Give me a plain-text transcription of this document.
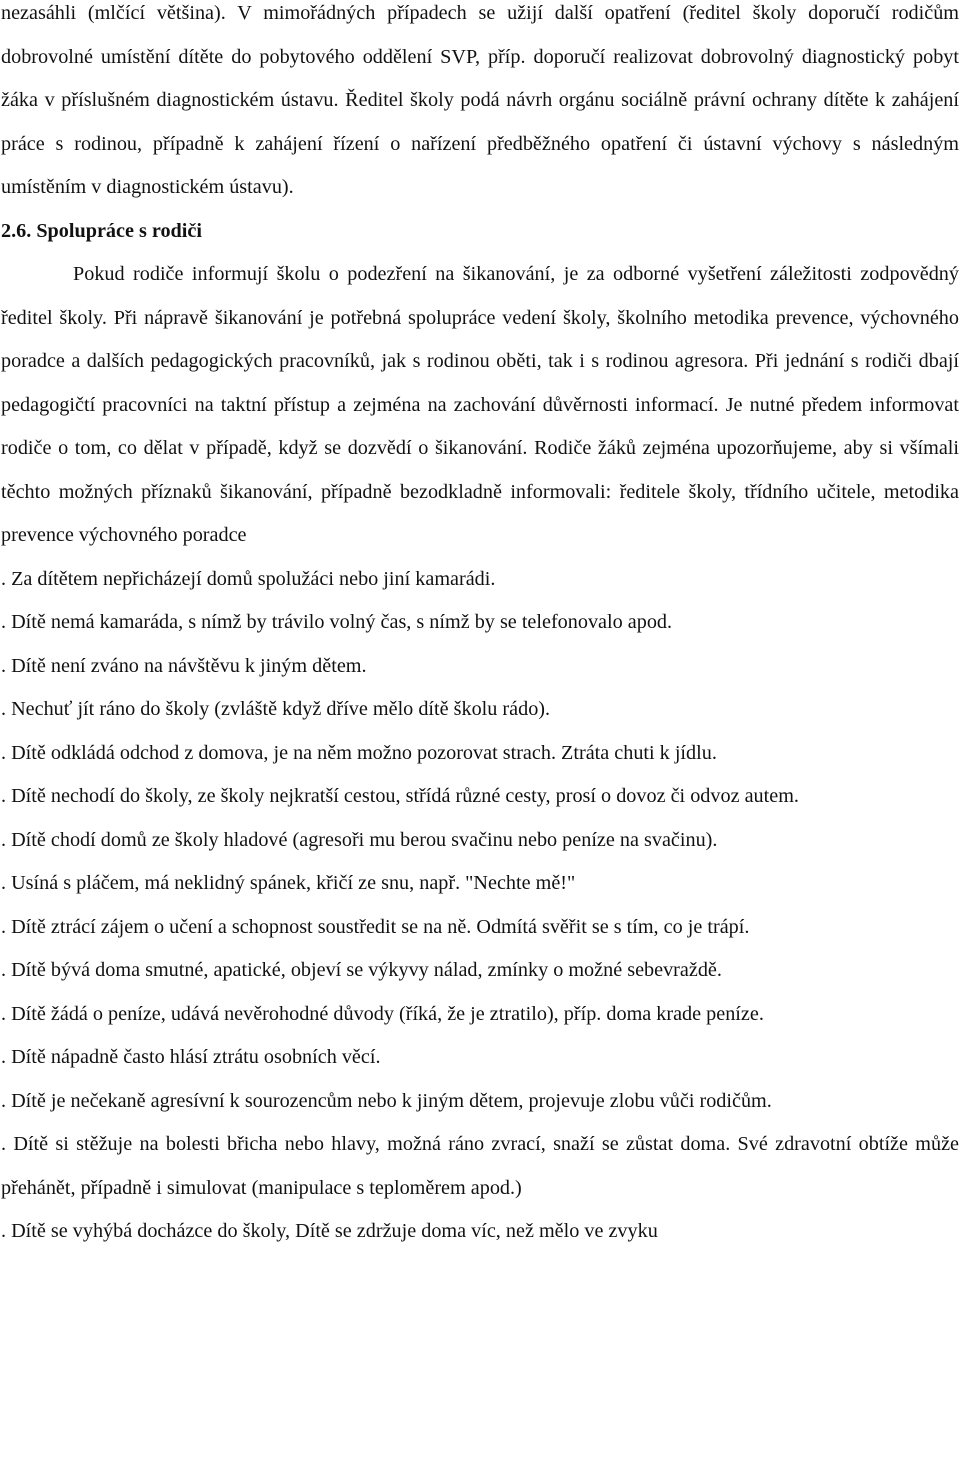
nezasáhli (mlčící většina). V mimořádných případech se užijí další opatření (ředitel školy doporučí rodičům dobrovolné umístění dítěte do pobytového oddělení SVP, příp. doporučí realizovat dobrovolný diagnostický pobyt žáka v příslušném diagnostickém ústavu. Ředitel školy podá návrh orgánu sociálně právní ochrany dítěte k zahájení práce s rodinou, případně k zahájení řízení o nařízení předběžného opatření či ústavní výchovy s následným umístěním v diagnostickém ústavu).

2.6. Spolupráce s rodiči

Pokud rodiče informují školu o podezření na šikanování, je za odborné vyšetření záležitosti zodpovědný ředitel školy. Při nápravě šikanování je potřebná spolupráce vedení školy, školního metodika prevence, výchovného poradce a dalších pedagogických pracovníků, jak s rodinou oběti, tak i s rodinou agresora. Při jednání s rodiči dbají pedagogičtí pracovníci na taktní přístup a zejména na zachování důvěrnosti informací. Je nutné předem informovat rodiče o tom, co dělat v případě, když se dozvědí o šikanování. Rodiče žáků zejména upozorňujeme, aby si všímali těchto možných příznaků šikanování, případně bezodkladně informovali: ředitele školy, třídního učitele, metodika prevence výchovného poradce

. Za dítětem nepřicházejí domů spolužáci nebo jiní kamarádi.
. Dítě nemá kamaráda, s nímž by trávilo volný čas, s nímž by se telefonovalo apod.
. Dítě není zváno na návštěvu k jiným dětem.
. Nechuť jít ráno do školy (zvláště když dříve mělo dítě školu rádo).
. Dítě odkládá odchod z domova, je na něm možno pozorovat strach. Ztráta chuti k jídlu.
. Dítě nechodí do školy, ze školy nejkratší cestou, střídá různé cesty, prosí o dovoz či odvoz autem.
. Dítě chodí domů ze školy hladové (agresoři mu berou svačinu nebo peníze na svačinu).
. Usíná s pláčem, má neklidný spánek, křičí ze snu, např. "Nechte mě!"
. Dítě ztrácí zájem o učení a schopnost soustředit se na ně. Odmítá svěřit se s tím, co je trápí.
. Dítě bývá doma smutné, apatické, objeví se výkyvy nálad, zmínky o možné sebevraždě.
. Dítě žádá o peníze, udává nevěrohodné důvody (říká, že je ztratilo), příp. doma krade peníze.
. Dítě nápadně často hlásí ztrátu osobních věcí.
. Dítě je nečekaně agresívní k sourozencům nebo k jiným dětem, projevuje zlobu vůči rodičům.
. Dítě si stěžuje na bolesti břicha nebo hlavy, možná ráno zvrací, snaží se zůstat doma. Své zdravotní obtíže může přehánět, případně i simulovat (manipulace s teploměrem apod.)
. Dítě se vyhýbá docházce do školy, Dítě se zdržuje doma víc, než mělo ve zvyku
